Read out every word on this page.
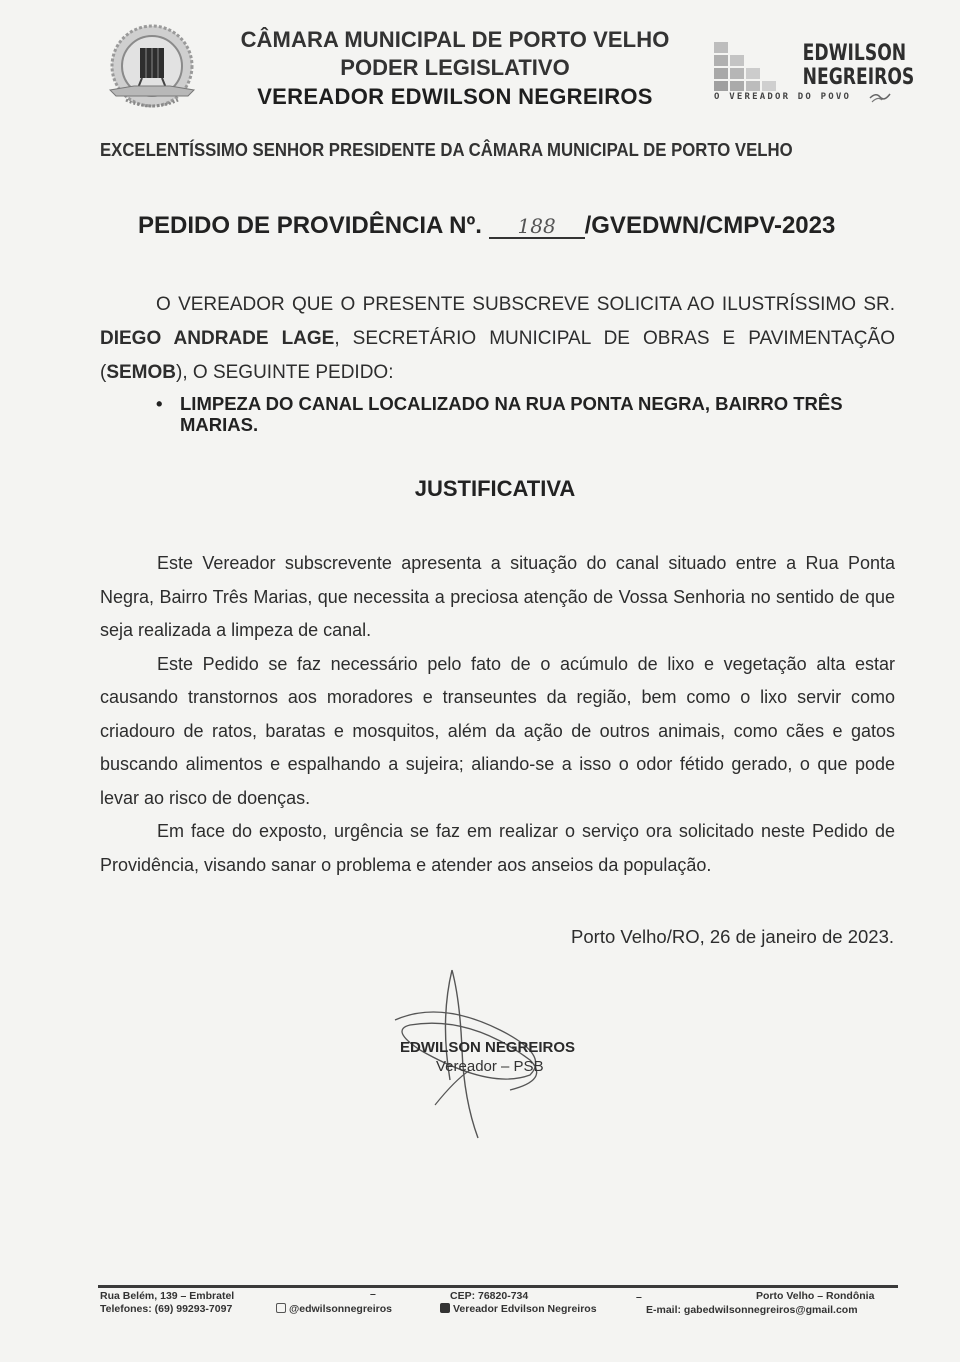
CÂMARA MUNICIPAL DE PORTO VELHO
PODER LEGISLATIVO
VEREADOR EDWILSON NEGREIROS
EDWILSON
NEGREIROS
O VEREADOR DO POVO
EXCELENTÍSSIMO SENHOR PRESIDENTE DA CÂMARA MUNICIPAL DE PORTO VELHO
PEDIDO DE PROVIDÊNCIA Nº. 188 /GVEDWN/CMPV-2023
O VEREADOR QUE O PRESENTE SUBSCREVE SOLICITA AO ILUSTRÍSSIMO SR. DIEGO ANDRADE LAGE, SECRETÁRIO MUNICIPAL DE OBRAS E PAVIMENTAÇÃO (SEMOB), O SEGUINTE PEDIDO:
• LIMPEZA DO CANAL LOCALIZADO NA RUA PONTA NEGRA, BAIRRO TRÊS MARIAS.
JUSTIFICATIVA

Este Vereador subscrevente apresenta a situação do canal situado entre a Rua Ponta Negra, Bairro Três Marias, que necessita a preciosa atenção de Vossa Senhoria no sentido de que seja realizada a limpeza de canal.

Este Pedido se faz necessário pelo fato de o acúmulo de lixo e vegetação alta estar causando transtornos aos moradores e transeuntes da região, bem como o lixo servir como criadouro de ratos, baratas e mosquitos, além da ação de outros animais, como cães e gatos buscando alimentos e espalhando a sujeira; aliando-se a isso o odor fétido gerado, o que pode levar ao risco de doenças.

Em face do exposto, urgência se faz em realizar o serviço ora solicitado neste Pedido de Providência, visando sanar o problema e atender aos anseios da população.

Porto Velho/RO, 26 de janeiro de 2023.
EDWILSON NEGREIROS
Vereador – PSB
Rua Belém, 139 – Embratel
Telefones: (69) 99293-7097
–
@edwilsonnegreiros
CEP: 76820-734
Vereador Edvilson Negreiros
–	Porto Velho – Rondônia
E-mail: gabedwilsonnegreiros@gmail.com
